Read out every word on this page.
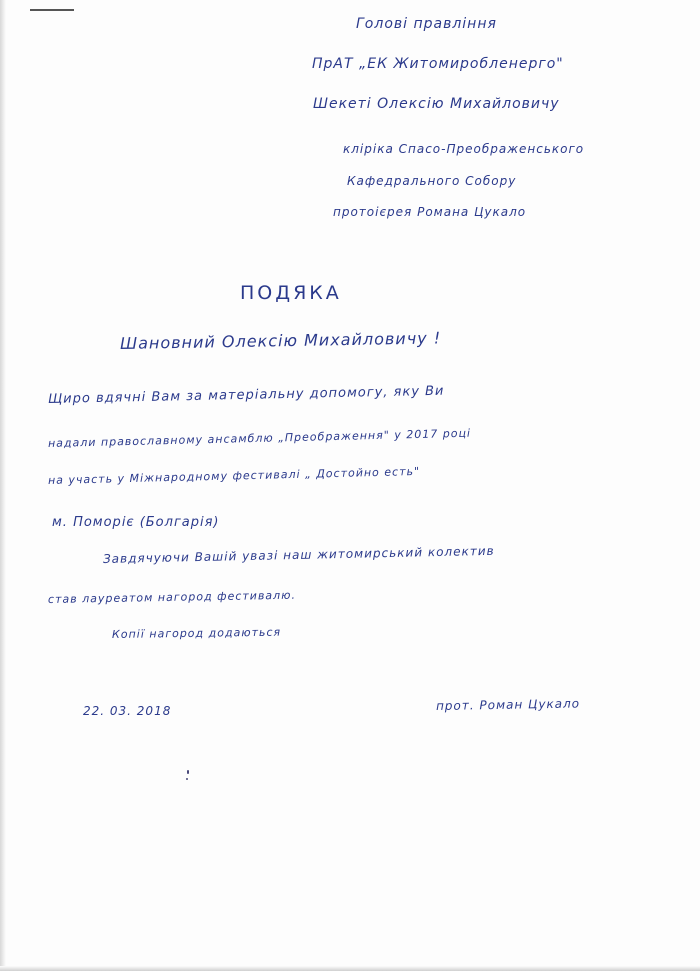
Голові правління
ПрАТ „ЕК Житомиробленерго"
Шекеті Олексію Михайловичу
кліріка Спасо-Преображенського
Кафедрального Собору
протоієрея Романа Цукало
ПОДЯКА
Шановний Олексію Михайловичу !
Щиро вдячні Вам за матеріальну допомогу, яку Ви
надали православному ансамблю „Преображення" у 2017 році
на участь у Міжнародному фестивалі „ Достойно есть"
м. Поморіє (Болгарія)
Завдячуючи Вашій увазі наш житомирський колектив
став лауреатом нагород фестивалю.
Копії нагород додаються
22. 03. 2018	прот. Роман Цукало
